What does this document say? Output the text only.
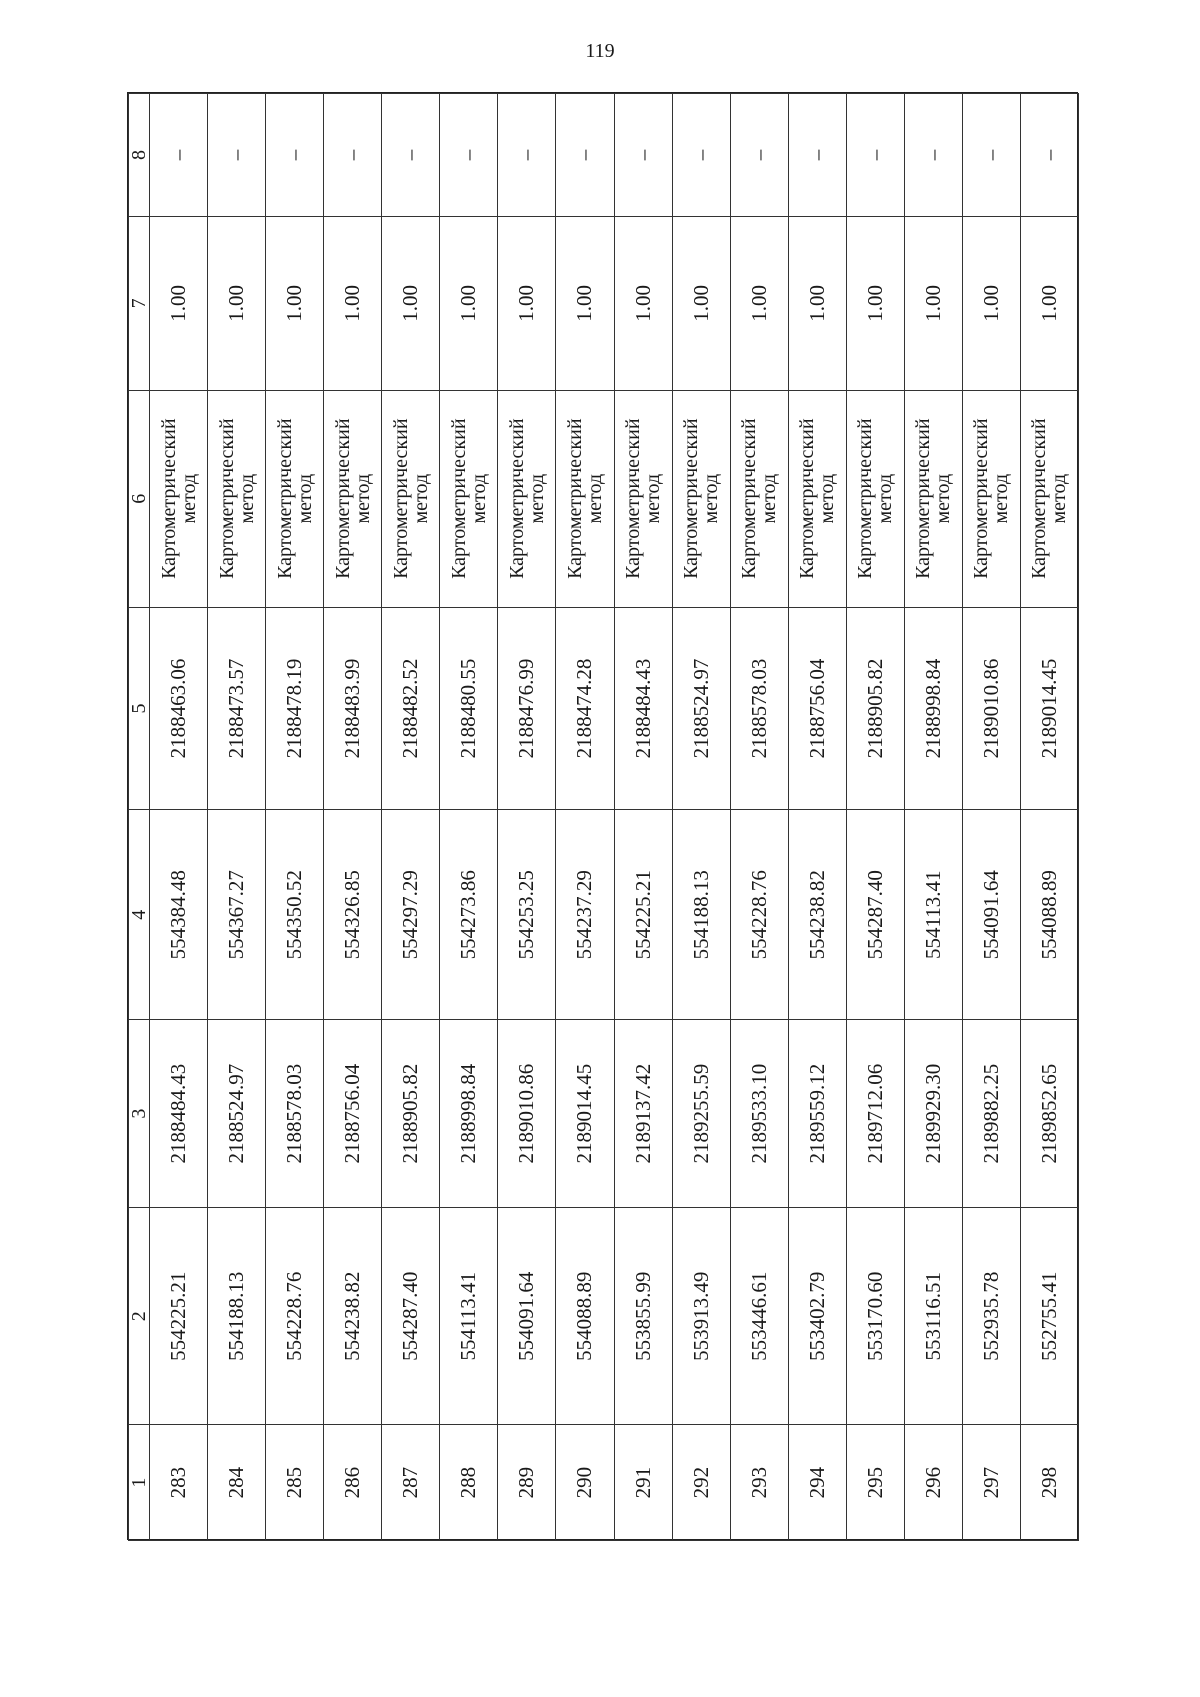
119
1	2	3	4	5	6	7	8
283	554225.21	2188484.43	554384.48	2188463.06	Картометрический метод	1.00	–
284	554188.13	2188524.97	554367.27	2188473.57	Картометрический метод	1.00	–
285	554228.76	2188578.03	554350.52	2188478.19	Картометрический метод	1.00	–
286	554238.82	2188756.04	554326.85	2188483.99	Картометрический метод	1.00	–
287	554287.40	2188905.82	554297.29	2188482.52	Картометрический метод	1.00	–
288	554113.41	2188998.84	554273.86	2188480.55	Картометрический метод	1.00	–
289	554091.64	2189010.86	554253.25	2188476.99	Картометрический метод	1.00	–
290	554088.89	2189014.45	554237.29	2188474.28	Картометрический метод	1.00	–
291	553855.99	2189137.42	554225.21	2188484.43	Картометрический метод	1.00	–
292	553913.49	2189255.59	554188.13	2188524.97	Картометрический метод	1.00	–
293	553446.61	2189533.10	554228.76	2188578.03	Картометрический метод	1.00	–
294	553402.79	2189559.12	554238.82	2188756.04	Картометрический метод	1.00	–
295	553170.60	2189712.06	554287.40	2188905.82	Картометрический метод	1.00	–
296	553116.51	2189929.30	554113.41	2188998.84	Картометрический метод	1.00	–
297	552935.78	2189882.25	554091.64	2189010.86	Картометрический метод	1.00	–
298	552755.41	2189852.65	554088.89	2189014.45	Картометрический метод	1.00	–
